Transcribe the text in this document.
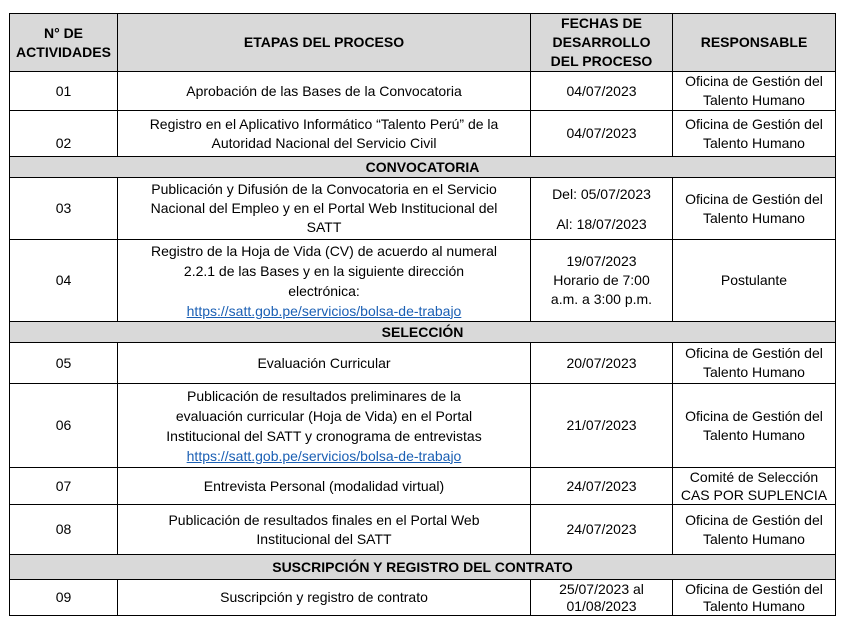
N° DE
ACTIVIDADES	ETAPAS DEL PROCESO	FECHAS DE
DESARROLLO
DEL PROCESO	RESPONSABLE
01	Aprobación de las Bases de la Convocatoria	04/07/2023	Oficina de Gestión del
Talento Humano

02	Registro en el Aplicativo Informático “Talento Perú” de la
Autoridad Nacional del Servicio Civil	04/07/2023	Oficina de Gestión del
Talento Humano

CONVOCATORIA			
03	Publicación y Difusión de la Convocatoria en el Servicio
Nacional del Empleo y en el Portal Web Institucional del
SATT	Del: 05/07/2023
Al: 18/07/2023	Oficina de Gestión del
Talento Humano

04	Registro de la Hoja de Vida (CV) de acuerdo al numeral
2.2.1 de las Bases y en la siguiente dirección
electrónica:
https://satt.gob.pe/servicios/bolsa-de-trabajo	19/07/2023
Horario de 7:00
a.m. a 3:00 p.m.	Postulante

SELECCIÓN			
05	Evaluación Curricular	20/07/2023	Oficina de Gestión del
Talento Humano

06	Publicación de resultados preliminares de la
evaluación curricular (Hoja de Vida) en el Portal
Institucional del SATT y cronograma de entrevistas
https://satt.gob.pe/servicios/bolsa-de-trabajo	21/07/2023	Oficina de Gestión del
Talento Humano

07	Entrevista Personal (modalidad virtual)	24/07/2023	Comité de Selección
CAS POR SUPLENCIA

08	Publicación de resultados finales en el Portal Web
Institucional del SATT	24/07/2023	Oficina de Gestión del
Talento Humano

SUSCRIPCIÓN Y REGISTRO DEL CONTRATO			
09	Suscripción y registro de contrato	25/07/2023 al
01/08/2023	Oficina de Gestión del
Talento Humano
